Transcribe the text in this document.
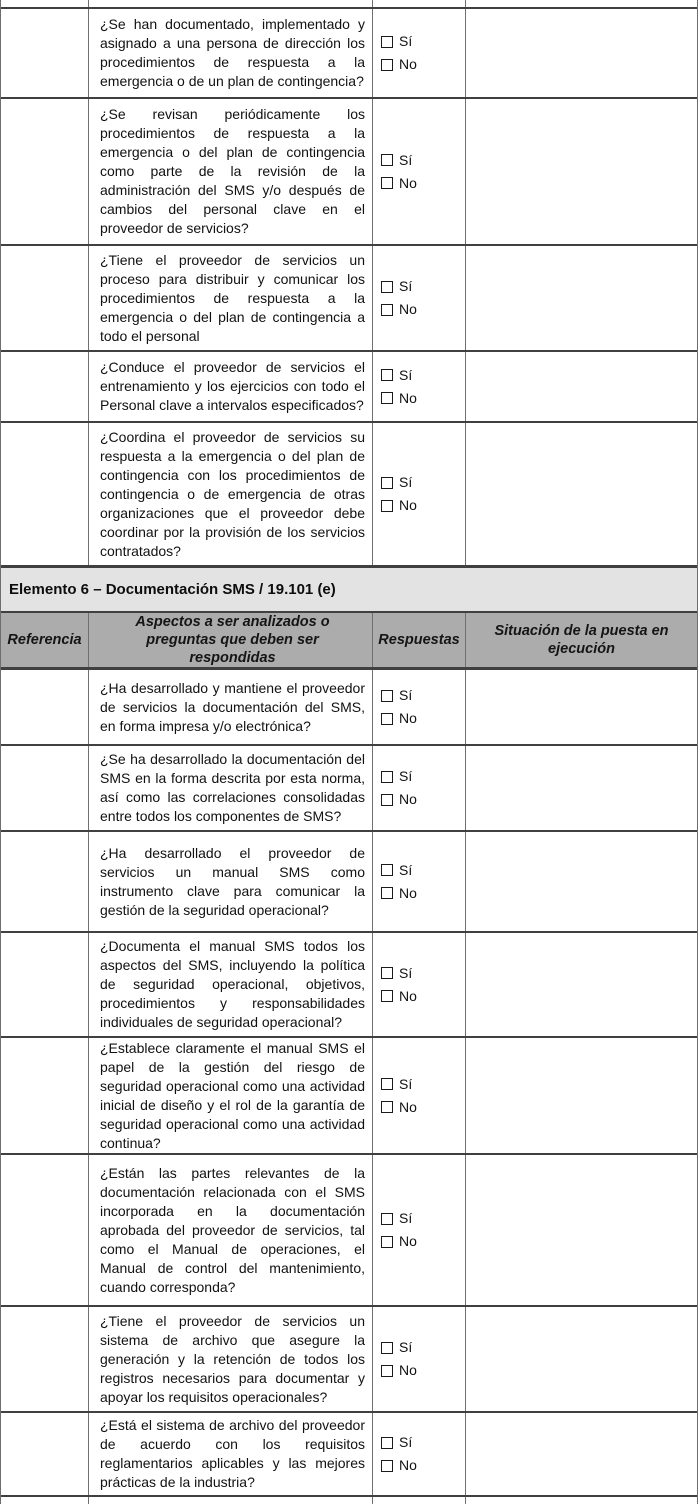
¿Se han documentado, implementado y asignado a una persona de dirección los procedimientos de respuesta a la emergencia o de un plan de contingencia?

Sí
No

¿Se revisan periódicamente los procedimientos de respuesta a la emergencia o del plan de contingencia como parte de la revisión de la administración del SMS y/o después de cambios del personal clave en el proveedor de servicios?

Sí
No

¿Tiene el proveedor de servicios un proceso para distribuir y comunicar los procedimientos de respuesta a la emergencia o del plan de contingencia a todo el personal

Sí
No

¿Conduce el proveedor de servicios el entrenamiento y los ejercicios con todo el Personal clave a intervalos especificados?

Sí
No

¿Coordina el proveedor de servicios su respuesta a la emergencia o del plan de contingencia con los procedimientos de contingencia o de emergencia de otras organizaciones que el proveedor debe coordinar por la provisión de los servicios contratados?

Sí
No
Elemento 6 – Documentación SMS / 19.101 (e)
Referencia
Aspectos a ser analizados o preguntas que deben ser respondidas
Respuestas
Situación de la puesta en ejecución

¿Ha desarrollado y mantiene el proveedor de servicios la documentación del SMS, en forma impresa y/o electrónica?

Sí
No

¿Se ha desarrollado la documentación del SMS en la forma descrita por esta norma, así como las correlaciones consolidadas entre todos los componentes de SMS?

Sí
No

¿Ha desarrollado el proveedor de servicios un manual SMS como instrumento clave para comunicar la gestión de la seguridad operacional?

Sí
No

¿Documenta el manual SMS todos los aspectos del SMS, incluyendo la política de seguridad operacional, objetivos, procedimientos y responsabilidades individuales de seguridad operacional?

Sí
No

¿Establece claramente el manual SMS el papel de la gestión del riesgo de seguridad operacional como una actividad inicial de diseño y el rol de la garantía de seguridad operacional como una actividad continua?

Sí
No

¿Están las partes relevantes de la documentación relacionada con el SMS incorporada en la documentación aprobada del proveedor de servicios, tal como el Manual de operaciones, el Manual de control del mantenimiento, cuando corresponda?

Sí
No

¿Tiene el proveedor de servicios un sistema de archivo que asegure la generación y la retención de todos los registros necesarios para documentar y apoyar los requisitos operacionales?

Sí
No

¿Está el sistema de archivo del proveedor de acuerdo con los requisitos reglamentarios aplicables y las mejores prácticas de la industria?

Sí
No
